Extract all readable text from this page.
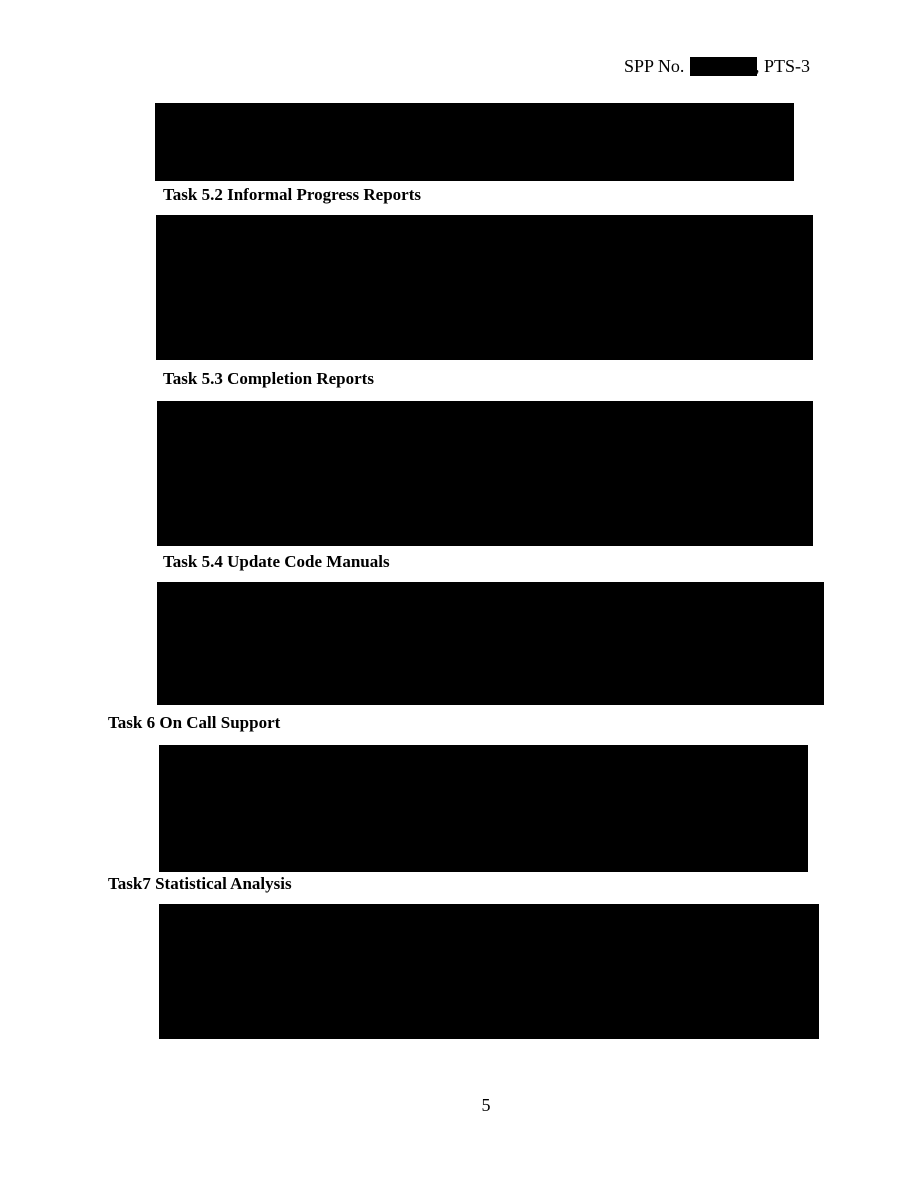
SPP No.	, PTS-3
Task 5.2 Informal Progress Reports
Task 5.3 Completion Reports
Task 5.4 Update Code Manuals
Task 6 On Call Support
Task7 Statistical Analysis
5
